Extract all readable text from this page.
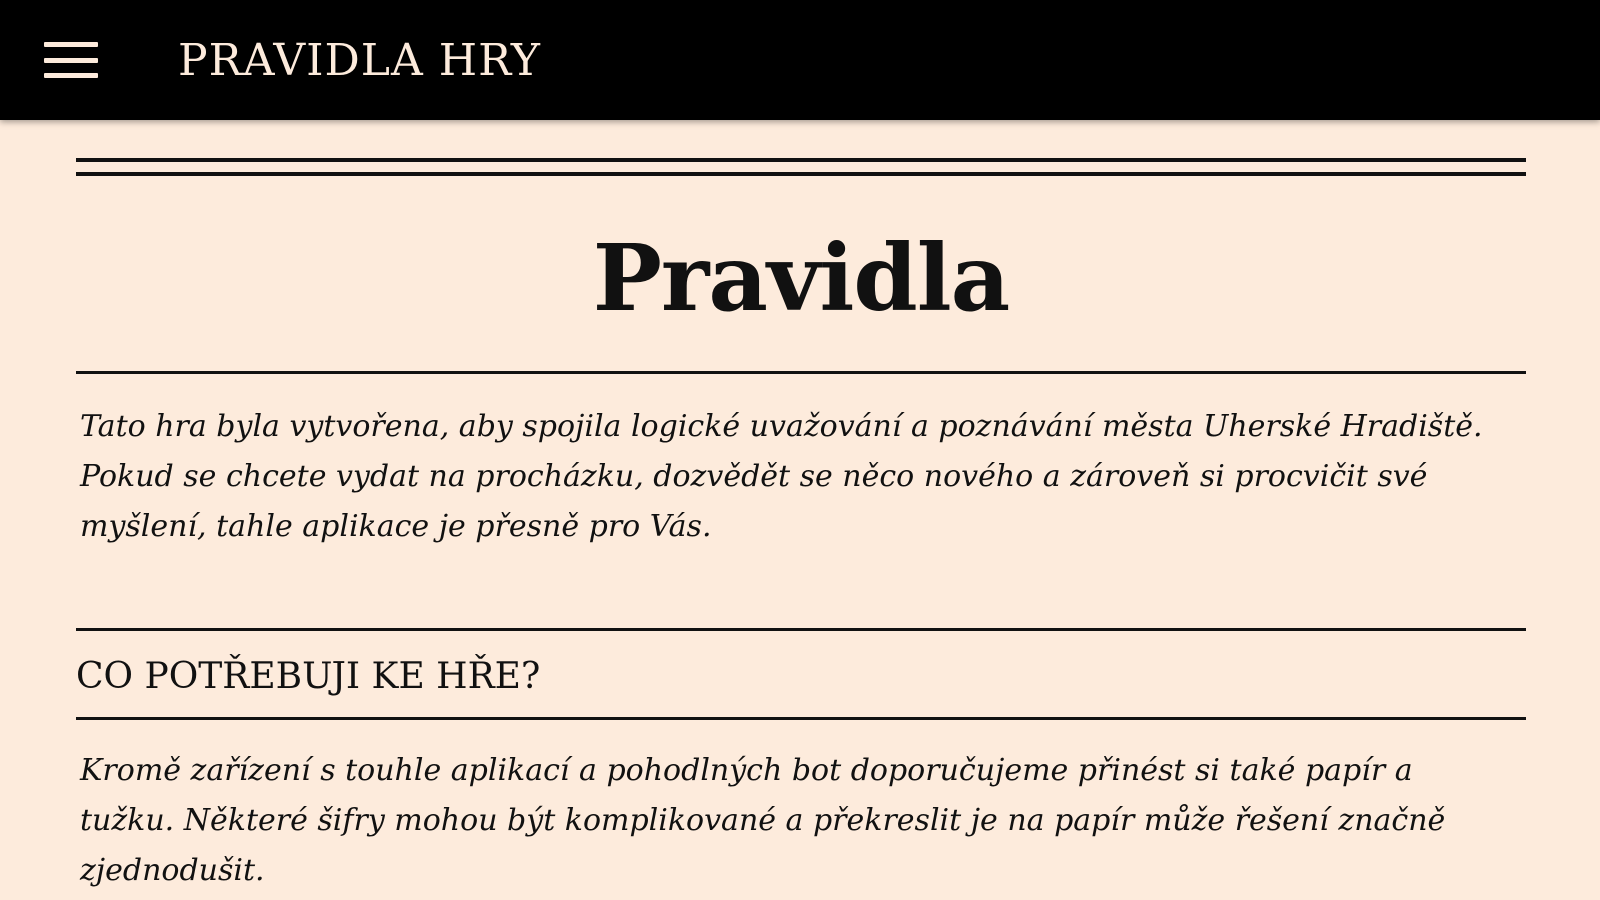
PRAVIDLA HRY
Pravidla

Tato hra byla vytvořena, aby spojila logické uvažování a poznávání města Uherské Hradiště. Pokud se chcete vydat na procházku, dozvědět se něco nového a zároveň si procvičit své myšlení, tahle aplikace je přesně pro Vás.

CO POTŘEBUJI KE HŘE?

Kromě zařízení s touhle aplikací a pohodlných bot doporučujeme přinést si také papír a tužku. Některé šifry mohou být komplikované a překreslit je na papír může řešení značně zjednodušit.
